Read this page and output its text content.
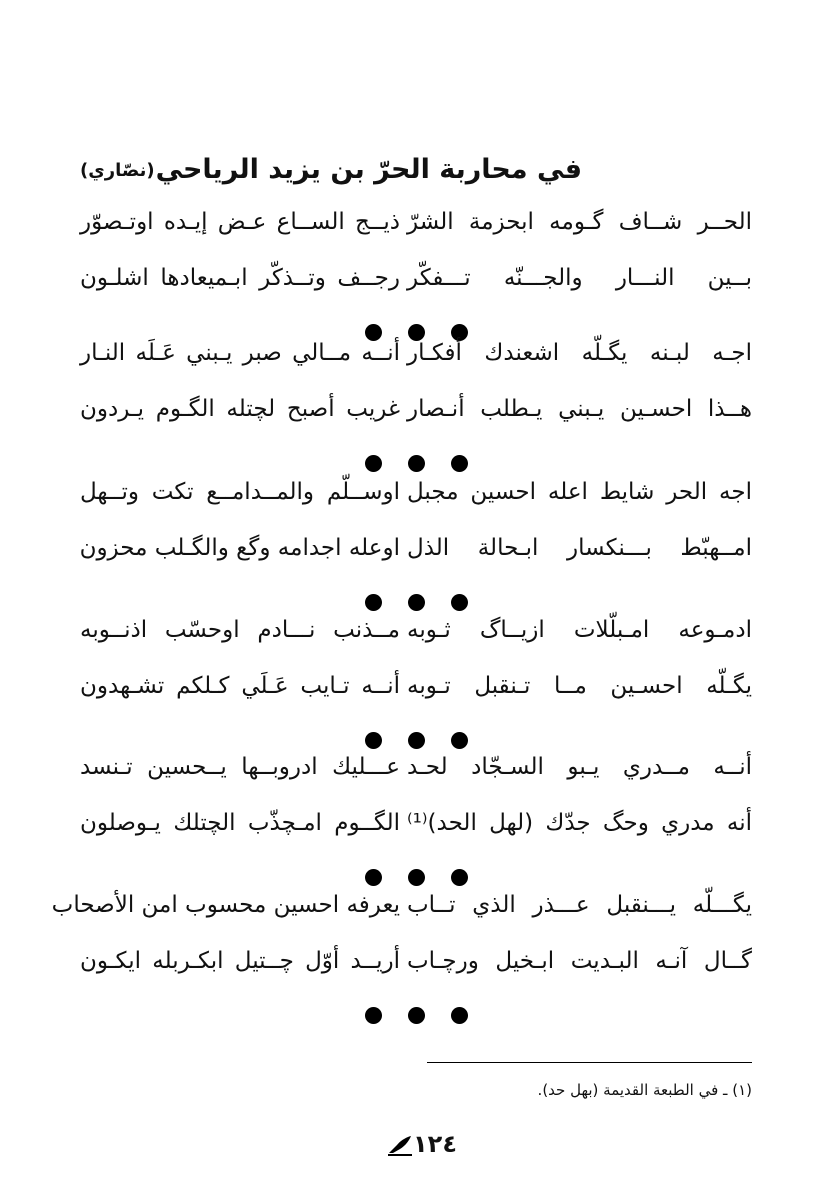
في محاربة الحرّ بن يزيد الرياحي
(نصّاري)
الحــر شــاف گـومه ابحزمة الشرّ
ذيــج الســاع عـض إيـده اوتـصوّر
بــين النـــار والجـــنّه تـــفكّر
رجــف وتــذكّر ابـميعادها اشلـون
اجـه لبـنه يگـلّه اشعندك أفكـار
أنــه مــالي صبر يـبني عَـلَه النـار
هــذا احسـين يـبني يـطلب أنـصار
غريب أصبح لچتله الگـوم يـردون
اجه الحر شايط اعله احسين مجبل
اوســلّم والمــدامــع تكت وتــهل
امــهبّط بـــنكسار ابـحالة الذل
اوعله اجدامه وگع والگـلب محزون
ادمـوعه امـبلّلات ازيــاگ ثـوبه
مــذنب نـــادم اوحسّب اذنــوبه
يگـلّه احسـين مــا تـنقبل تـوبه
أنــه تـايب عَـلَي كـلكم تشـهدون
أنــه مــدري يـبو السـجّاد لحـد
عـــليك ادروبــها يــحسين تـنسد
أنه مدري وحگ جدّك (لهل الحد)⁽¹⁾
الگــوم امـچذّب الچتلك يـوصلون
يگـــلّه يـــنقبل عـــذر الذي تــاب
يعرفه احسين محسوب امن الأصحاب
گــال آنـه البـديت ابـخيل ورچـاب
أريــد أوّل چــتيل ابكـربله ايكـون
(١) ـ في الطبعة القديمة (بهل حد).
١٢٤
